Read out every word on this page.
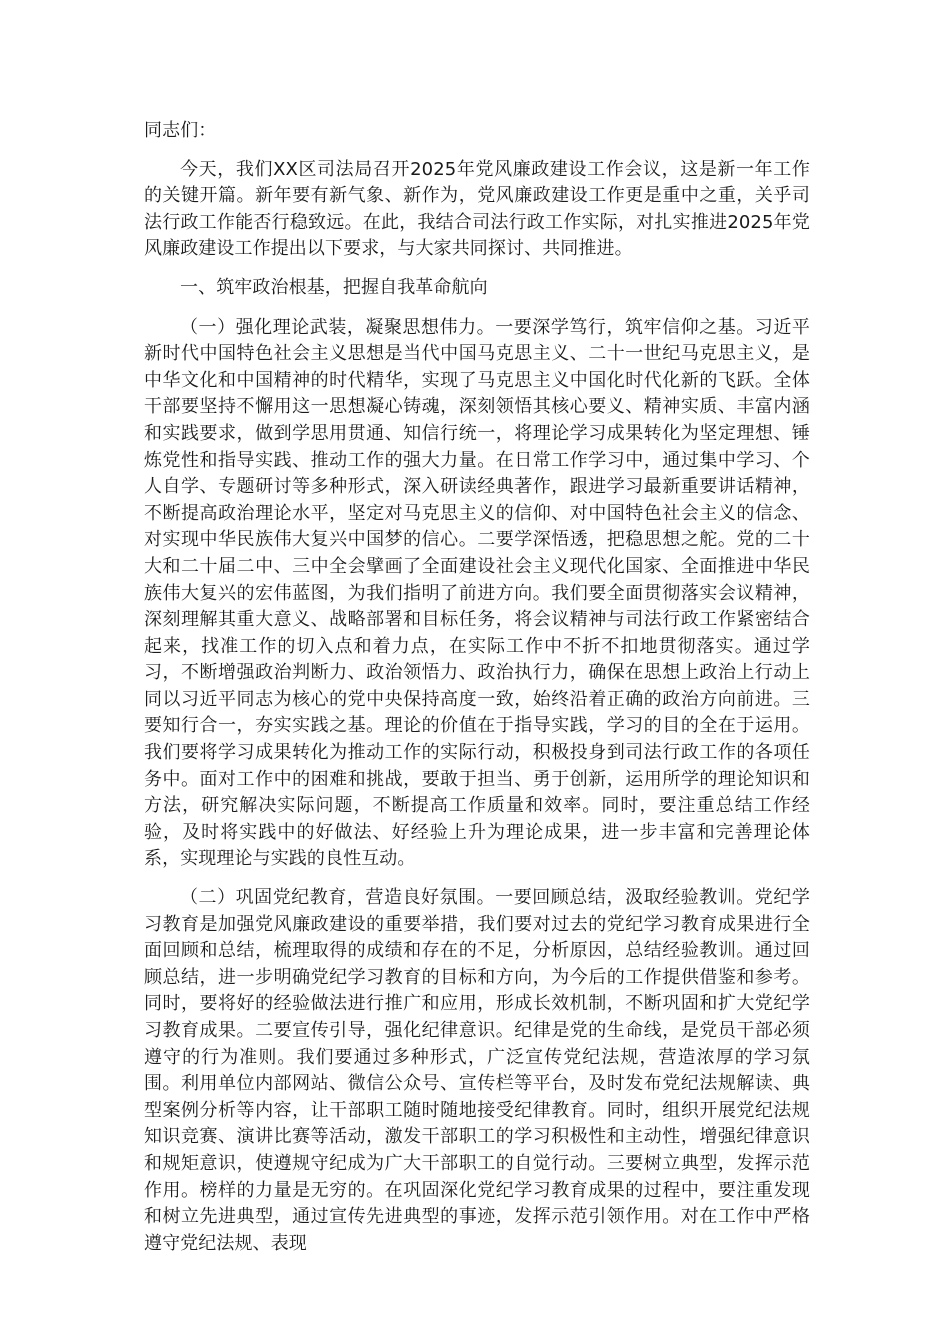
同志们：

今天，我们XX区司法局召开2025年党风廉政建设工作会议，这是新一年工作的关键开篇。新年要有新气象、新作为，党风廉政建设工作更是重中之重，关乎司法行政工作能否行稳致远。在此，我结合司法行政工作实际，对扎实推进2025年党风廉政建设工作提出以下要求，与大家共同探讨、共同推进。

一、筑牢政治根基，把握自我革命航向

（一）强化理论武装，凝聚思想伟力。一要深学笃行，筑牢信仰之基。习近平新时代中国特色社会主义思想是当代中国马克思主义、二十一世纪马克思主义，是中华文化和中国精神的时代精华，实现了马克思主义中国化时代化新的飞跃。全体干部要坚持不懈用这一思想凝心铸魂，深刻领悟其核心要义、精神实质、丰富内涵和实践要求，做到学思用贯通、知信行统一，将理论学习成果转化为坚定理想、锤炼党性和指导实践、推动工作的强大力量。在日常工作学习中，通过集中学习、个人自学、专题研讨等多种形式，深入研读经典著作，跟进学习最新重要讲话精神，不断提高政治理论水平，坚定对马克思主义的信仰、对中国特色社会主义的信念、对实现中华民族伟大复兴中国梦的信心。二要学深悟透，把稳思想之舵。党的二十大和二十届二中、三中全会擘画了全面建设社会主义现代化国家、全面推进中华民族伟大复兴的宏伟蓝图，为我们指明了前进方向。我们要全面贯彻落实会议精神，深刻理解其重大意义、战略部署和目标任务，将会议精神与司法行政工作紧密结合起来，找准工作的切入点和着力点，在实际工作中不折不扣地贯彻落实。通过学习，不断增强政治判断力、政治领悟力、政治执行力，确保在思想上政治上行动上同以习近平同志为核心的党中央保持高度一致，始终沿着正确的政治方向前进。三要知行合一，夯实实践之基。理论的价值在于指导实践，学习的目的全在于运用。我们要将学习成果转化为推动工作的实际行动，积极投身到司法行政工作的各项任务中。面对工作中的困难和挑战，要敢于担当、勇于创新，运用所学的理论知识和方法，研究解决实际问题，不断提高工作质量和效率。同时，要注重总结工作经验，及时将实践中的好做法、好经验上升为理论成果，进一步丰富和完善理论体系，实现理论与实践的良性互动。

（二）巩固党纪教育，营造良好氛围。一要回顾总结，汲取经验教训。党纪学习教育是加强党风廉政建设的重要举措，我们要对过去的党纪学习教育成果进行全面回顾和总结，梳理取得的成绩和存在的不足，分析原因，总结经验教训。通过回顾总结，进一步明确党纪学习教育的目标和方向，为今后的工作提供借鉴和参考。同时，要将好的经验做法进行推广和应用，形成长效机制，不断巩固和扩大党纪学习教育成果。二要宣传引导，强化纪律意识。纪律是党的生命线，是党员干部必须遵守的行为准则。我们要通过多种形式，广泛宣传党纪法规，营造浓厚的学习氛围。利用单位内部网站、微信公众号、宣传栏等平台，及时发布党纪法规解读、典型案例分析等内容，让干部职工随时随地接受纪律教育。同时，组织开展党纪法规知识竞赛、演讲比赛等活动，激发干部职工的学习积极性和主动性，增强纪律意识和规矩意识，使遵规守纪成为广大干部职工的自觉行动。三要树立典型，发挥示范作用。榜样的力量是无穷的。在巩固深化党纪学习教育成果的过程中，要注重发现和树立先进典型，通过宣传先进典型的事迹，发挥示范引领作用。对在工作中严格遵守党纪法规、表现
